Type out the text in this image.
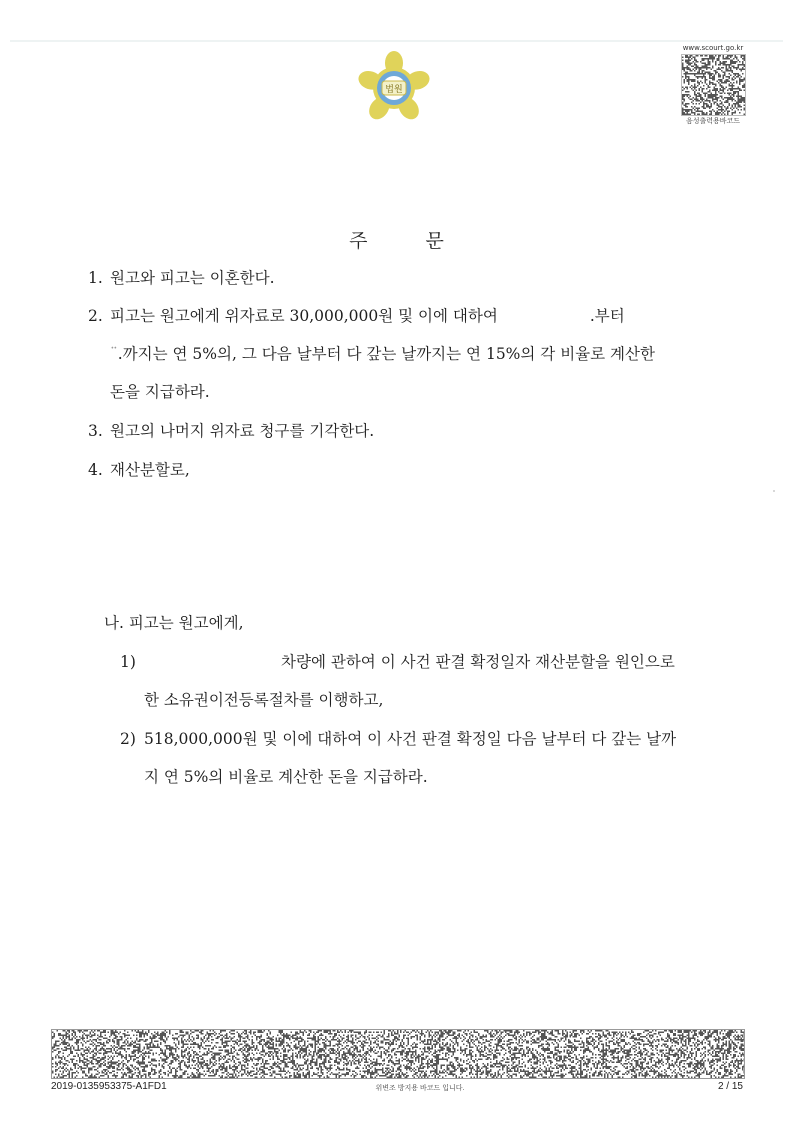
법원
www.scourt.go.kr
음성출력용바코드
주	문
1. 원고와 피고는 이혼한다.
2. 피고는 원고에게 위자료로 30,000,000원 및 이에 대하여	.부터
¨.까지는 연 5%의, 그 다음 날부터 다 갚는 날까지는 연 15%의 각 비율로 계산한
돈을 지급하라.
3. 원고의 나머지 위자료 청구를 기각한다.
4. 재산분할로,
나. 피고는 원고에게,
1)	차량에 관하여 이 사건 판결 확정일자 재산분할을 원인으로
한 소유권이전등록절차를 이행하고,
2) 518,000,000원 및 이에 대하여 이 사건 판결 확정일 다음 날부터 다 갚는 날까
지 연 5%의 비율로 계산한 돈을 지급하라.
2019-0135953375-A1FD1	위변조 방지용 바코드 입니다.	2 / 15
